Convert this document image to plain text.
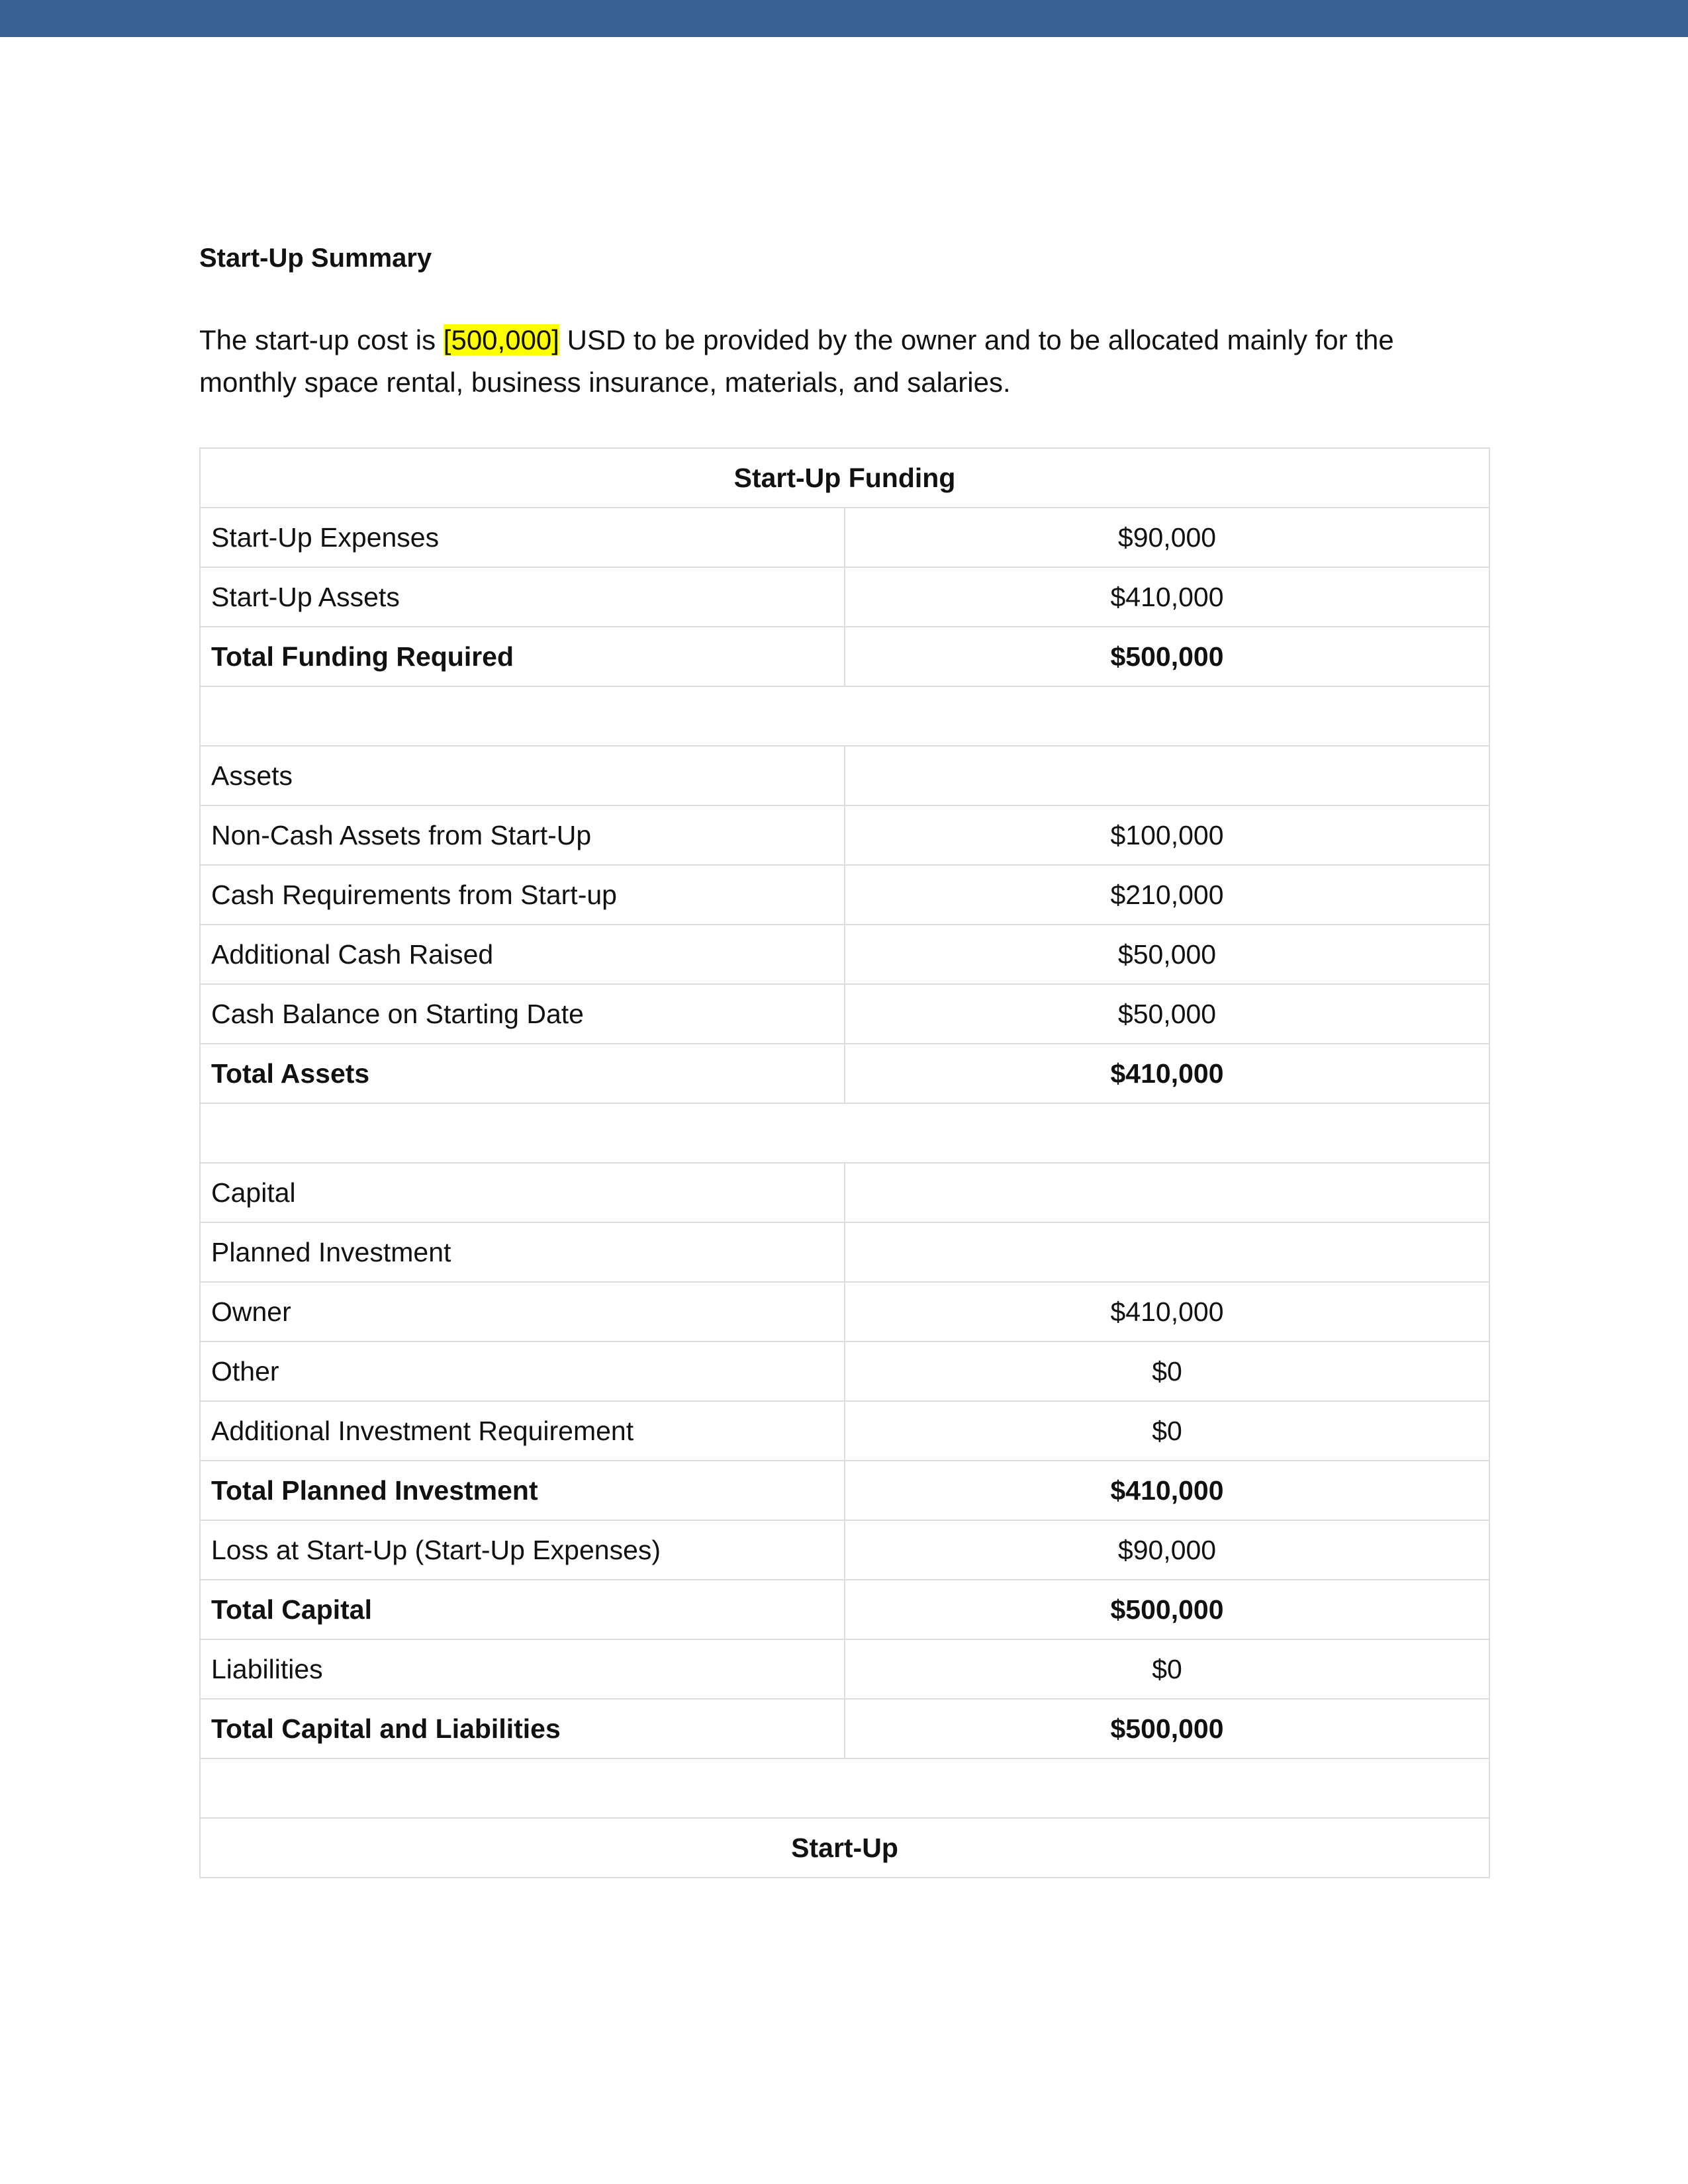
Start-Up Summary

The start-up cost is [500,000] USD to be provided by the owner and to be allocated mainly for the monthly space rental, business insurance, materials, and salaries.

Start-Up Funding	
Start-Up Expenses	$90,000
Start-Up Assets	$410,000
Total Funding Required	$500,000

Assets	
Non-Cash Assets from Start-Up	$100,000
Cash Requirements from Start-up	$210,000
Additional Cash Raised	$50,000
Cash Balance on Starting Date	$50,000
Total Assets	$410,000

Capital	
Planned Investment	
Owner	$410,000
Other	$0
Additional Investment Requirement	$0
Total Planned Investment	$410,000
Loss at Start-Up (Start-Up Expenses)	$90,000
Total Capital	$500,000
Liabilities	$0
Total Capital and Liabilities	$500,000

Start-Up	
